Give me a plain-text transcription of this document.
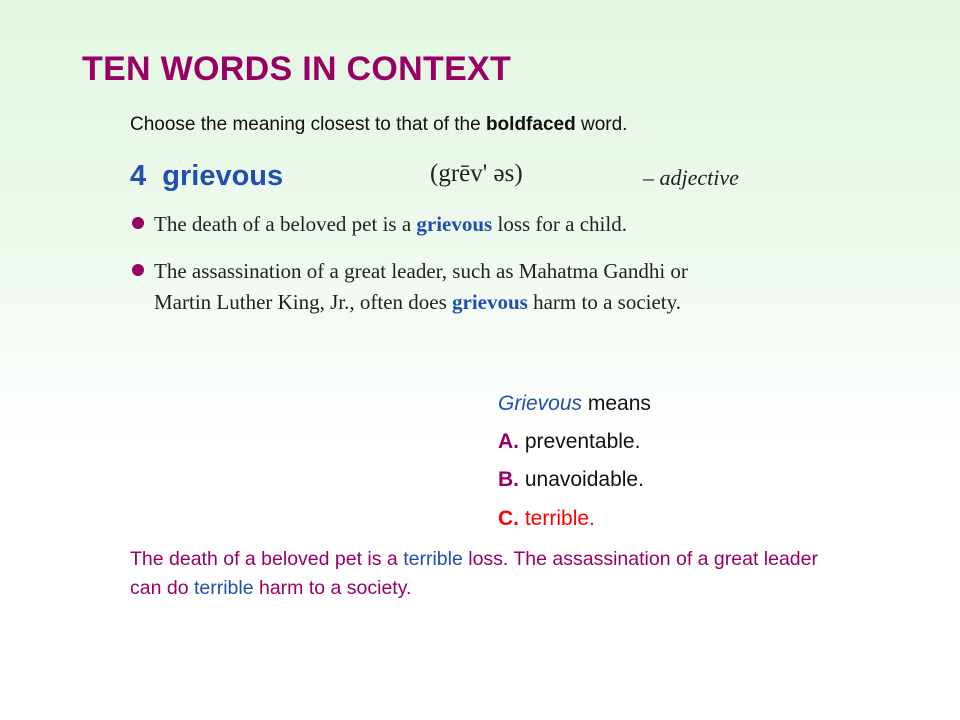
TEN WORDS IN CONTEXT
Choose the meaning closest to that of the boldfaced word.
4 grievous	(grēv' əs)	– adjective
The death of a beloved pet is a grievous loss for a child.
The assassination of a great leader, such as Mahatma Gandhi or
Martin Luther King, Jr., often does grievous harm to a society.
Grievous means
A. preventable.
B. unavoidable.
C. terrible.
The death of a beloved pet is a terrible loss. The assassination of a great leader can do terrible harm to a society.
